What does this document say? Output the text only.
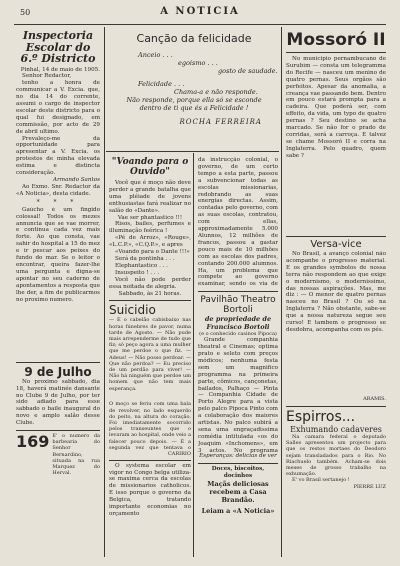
50	A NOTICIA

Inspectoria Escolar do 6.º Districto

Pinhal, 14 de maio de 1905.

Senhor Redactor,

tenho a honra de communicar a V. Excia. que, no dia 14 do corrente, assumi o cargo de inspector escolar deste districto para o qual fui designado, em commissão, por acto de 29 de abril ultimo.

Prevaleço-me da opportunidade para apresentar a V. Excia. os protestos de minha elevada estima e distincta consideração.

Armando Santos

Ao Exmo. Snr. Redactor da «A Noticia», desta cidade.

* * *

Gaúcho é um fingido colossal! Todos os mezes annuncia que se vae morrer, e continua cada vez mais forte. Ao que consta, vae sahir do hospital a 15 do mez e ir pescar aos peixes do fundo do mar. Se o leitor o encontrar, queira fazer-lhe uma pergunta e digna-se apontar no seu caderno de apontamentos a resposta que lhe der, a fim de publicarmos no proximo numero.

9 de Julho

No proximo sabbado, dia 18, haverá matinée dansante no Clube 9 de Julho, por ter sido adiado para esse sabbado o baile inaugural do novo e amplo salão desse Clube.

169 E' o numero da barbearia do Senhor Bernardino, situada na rua Marquez do Herval.

Canção da felicidade

Anceio . . .

egoismo . . .

gosto de saudade.

Felicidade . . .

Chama-a e não responde.

Não responde, porque ella só se esconde

dentro de ti que és a Felicidade !

ROCHA FERREIRA

"Voando para o Ouvido"

Você que é moço não deve perder a grande batalha que uma pléiade de jovens enthusiastas fará realizar no salão do «Dante».

Vae ser phantastico !!!

Risos, bailes, perfumes e illuminação feérica !

«Pé de Arroz», «Rouge», «L.C.P.», «C.Q.P.», e apres

«Voando para o Dante !!!»

Será da pontinha . . .

Elephantastico . . .

Insuspeito ! . . .

Você não pode perder essa noitada de alegria.

Sabbado, às 21 horas.

Suicidio

— É o cabelão cabisbaixo nas horas fúnebres de pavor, numa tarde de Agosto. — Não pude mais arrependerme de tudo que fiz; só peço agora a uma mulher que me perdoe o que fiz. — Adeus! — Não posso perdoar. — Que não perdoa? — Eu preciso de um perdão para viver! — Não há ninguém que perdoe um homem que não tem mais esperança.

O moço se feriu com uma bala de revolver, no lado esquerdo do peito, na altura do coração. Foi imediatamente socorrido pelos transeuntes que o levaram ao hospital, onde veio a falecer pouco depois. — É a segunda vez que tentava o

CARIRIO

O systema escolar em vigor no Congo belga utiliza-se maxima cerca da escolas de missionarios catholicos. E isso porque o governo da Belgica, tratando importante economias no orçamento

da instrucção colonial, o governo, de um certo tempo a esta parte, passou a subvencionar todas as escolas missionarias, redobrando as suas energias directas. Assim, contadas pelo governo, com as suas escolas, contratou, com ellas, approximadamente 5.000 Alunnos, 12 milhões de francos, passou a gastar pouco mais de 10 milhões com as escolas dos padres, contando 200.000 alumnos. Ha, um problema que compete ao governo examinar, sendo os via de

Pavilhão Theatro Bortoli

de propriedade de Francisco Bortoli

(e o conhecido casinos Pipoca)

Grande companhia theatral e Cinemas; optima prato e seleto com preços módicos; nenhuma festa sem um magnifico programma na primeira parte, cômicos, cançonetas, bailados, Palhaço — Pinta — Companhia Cidade de Porto Alegre para a vista pelo palco Pipoca Pinto com a colaboração dos maiores artistas. No palco subirá a sena uma engraçadissima comédia intitulada «os do Joaquim «Inchomens», em 3 actos. No programa

Esperanças: delicias de ver

Doces, biscoitos, docinhos

Maçãs deliciosas recebem a Casa Brandão.

Leiam a «A Noticia»

Mossoró II

No municipio pernambucano de Surubim — consta um telegramma do Recife — nasceu um menino de quatro pernas. Seus orgãos são perfeitos. Apesar da anomalia, a creança vae passando bem. Dentro em pouco estará prompta para a cadeira. Que poderá ser, com effeito, da vida, um typo de quatro pernas ? Seu destino se acha marcado. Se não for o prado de corridas, será a carroça. E talvez se chame Mossoró II e corra na Inglaterra. Pelo quadro, quem sabe ?

Versa-vice

No Brasil, a avanço colonial não acompanhe o progresso material. E os grandes symbolos de nossa terra não respondem ao que exige o modernismo, o modernissimo, das nossas aspirações. Mas, me diz : — O menor de quatro pernas nasceu no Brasil ? Ou só na Inglaterra ? Não obstante, sabe-se que a nossa natureza segue seu curso! E tambem o progresso se desdobra, acompanha com os pés.

ARAMIS.

Espirros...

Exhumando cadaveres

Na camara federal o deputado Salles apresentou um projecto para que os restos mortaes do Deodoro sejam transladados para o Rio. No Riachuelo também. Acham-se dois meses de grosso trabalho na exhumação.

E' vo Brasil sertanejo !

PIERRE LUZ
